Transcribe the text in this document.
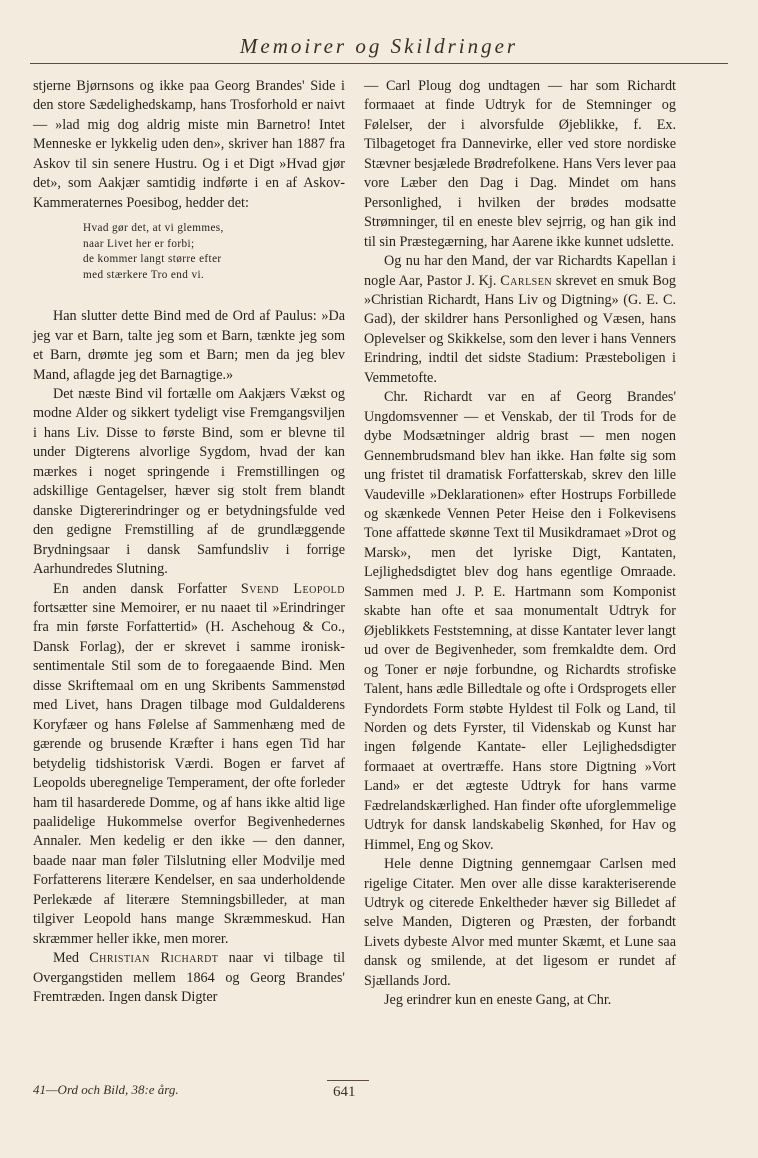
Memoirer og Skildringer

stjerne Bjørnsons og ikke paa Georg Brandes' Side i den store Sædelighedskamp, hans Trosforhold er naivt — »lad mig dog aldrig miste min Barnetro! Intet Menneske er lykkelig uden den», skriver han 1887 fra Askov til sin senere Hustru. Og i et Digt »Hvad gjør det», som Aakjær samtidig indførte i en af Askov-Kammeraternes Poesibog, hedder det:

Hvad gør det, at vi glemmes,
naar Livet her er forbi;
de kommer langt større efter
med stærkere Tro end vi.

Han slutter dette Bind med de Ord af Paulus: »Da jeg var et Barn, talte jeg som et Barn, tænkte jeg som et Barn, drømte jeg som et Barn; men da jeg blev Mand, aflagde jeg det Barnagtige.»

Det næste Bind vil fortælle om Aakjærs Vækst og modne Alder og sikkert tydeligt vise Fremgangsviljen i hans Liv. Disse to første Bind, som er blevne til under Digterens alvorlige Sygdom, hvad der kan mærkes i noget springende i Fremstillingen og adskillige Gentagelser, hæver sig stolt frem blandt danske Digtererindringer og er betydningsfulde ved den gedigne Fremstilling af de grundlæggende Brydningsaar i dansk Samfundsliv i forrige Aarhundredes Slutning.

En anden dansk Forfatter Svend Leopold fortsætter sine Memoirer, er nu naaet til »Erindringer fra min første Forfattertid» (H. Aschehoug & Co., Dansk Forlag), der er skrevet i samme ironisk-sentimentale Stil som de to foregaaende Bind. Men disse Skriftemaal om en ung Skribents Sammenstød med Livet, hans Dragen tilbage mod Guldalderens Koryfæer og hans Følelse af Sammenhæng med de gærende og brusende Kræfter i hans egen Tid har betydelig tidshistorisk Værdi. Bogen er farvet af Leopolds uberegnelige Temperament, der ofte forleder ham til hasarderede Domme, og af hans ikke altid lige paalidelige Hukommelse overfor Begivenhedernes Annaler. Men kedelig er den ikke — den danner, baade naar man føler Tilslutning eller Modvilje med Forfatterens literære Kendelser, en saa underholdende Perlekæde af literære Stemningsbilleder, at man tilgiver Leopold hans mange Skræmmeskud. Han skræmmer heller ikke, men morer.

Med Christian Richardt naar vi tilbage til Overgangstiden mellem 1864 og Georg Brandes' Fremtræden. Ingen dansk Digter

— Carl Ploug dog undtagen — har som Richardt formaaet at finde Udtryk for de Stemninger og Følelser, der i alvorsfulde Øjeblikke, f. Ex. Tilbagetoget fra Dannevirke, eller ved store nordiske Stævner besjælede Brødrefolkene. Hans Vers lever paa vore Læber den Dag i Dag. Mindet om hans Personlighed, i hvilken der brødes modsatte Strømninger, til en eneste blev sejrrig, og han gik ind til sin Præstegærning, har Aarene ikke kunnet udslette.

Og nu har den Mand, der var Richardts Kapellan i nogle Aar, Pastor J. Kj. Carlsen skrevet en smuk Bog »Christian Richardt, Hans Liv og Digtning» (G. E. C. Gad), der skildrer hans Personlighed og Væsen, hans Oplevelser og Skikkelse, som den lever i hans Venners Erindring, indtil det sidste Stadium: Præsteboligen i Vemmetofte.

Chr. Richardt var en af Georg Brandes' Ungdomsvenner — et Venskab, der til Trods for de dybe Modsætninger aldrig brast — men nogen Gennembrudsmand blev han ikke. Han følte sig som ung fristet til dramatisk Forfatterskab, skrev den lille Vaudeville »Deklarationen» efter Hostrups Forbillede og skænkede Vennen Peter Heise den i Folkevisens Tone affattede skønne Text til Musikdramaet »Drot og Marsk», men det lyriske Digt, Kantaten, Lejlighedsdigtet blev dog hans egentlige Omraade. Sammen med J. P. E. Hartmann som Komponist skabte han ofte et saa monumentalt Udtryk for Øjeblikkets Feststemning, at disse Kantater lever langt ud over de Begivenheder, som fremkaldte dem. Ord og Toner er nøje forbundne, og Richardts strofiske Talent, hans ædle Billedtale og ofte i Ordsprogets eller Fyndordets Form støbte Hyldest til Folk og Land, til Norden og dets Fyrster, til Videnskab og Kunst har ingen følgende Kantate- eller Lejlighedsdigter formaaet at overtræffe. Hans store Digtning »Vort Land» er det ægteste Udtryk for hans varme Fædrelandskærlighed. Han finder ofte uforglemmelige Udtryk for dansk landskabelig Skønhed, for Hav og Himmel, Eng og Skov.

Hele denne Digtning gennemgaar Carlsen med rigelige Citater. Men over alle disse karakteriserende Udtryk og citerede Enkeltheder hæver sig Billedet af selve Manden, Digteren og Præsten, der forbandt Livets dybeste Alvor med munter Skæmt, et Lune saa dansk og smilende, at det ligesom er rundet af Sjællands Jord.

Jeg erindrer kun en eneste Gang, at Chr.

41—Ord och Bild, 38:e årg.	641
